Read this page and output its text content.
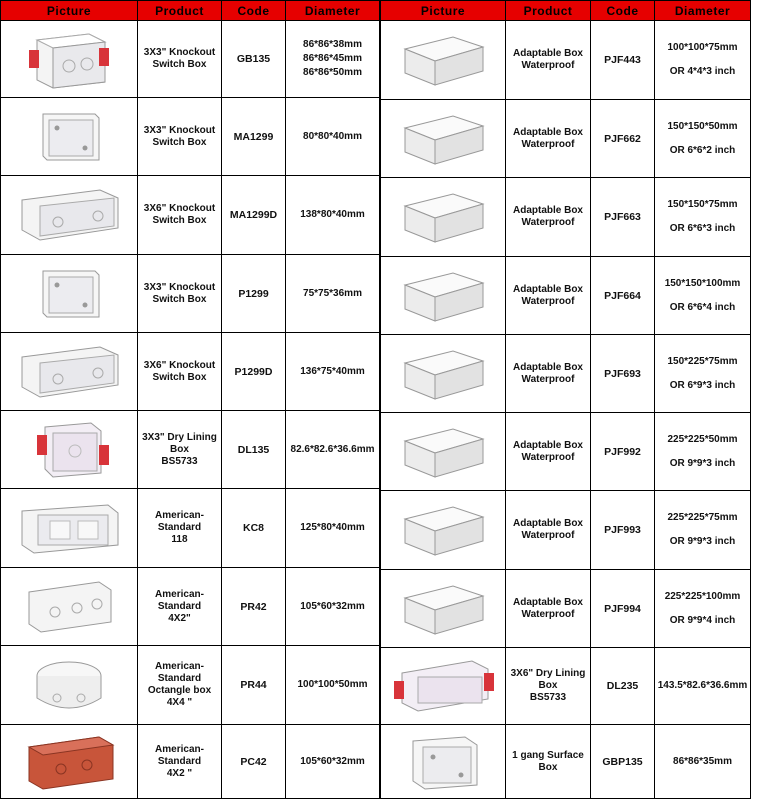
Picture	Product	Code	Diameter

3X3" Knockout
Switch Box	GB135	86*86*38mm
86*86*45mm
86*86*50mm

3X3" Knockout
Switch Box	MA1299	80*80*40mm

3X6" Knockout
Switch Box	MA1299D	138*80*40mm

3X3" Knockout
Switch Box	P1299	75*75*36mm

3X6" Knockout
Switch Box	P1299D	136*75*40mm

3X3" Dry Lining
Box
BS5733	DL135	82.6*82.6*36.6mm

American-
Standard
118	KC8	125*80*40mm

American-
Standard
4X2"	PR42	105*60*32mm

American-
Standard
Octangle box
4X4 "	PR44	100*100*50mm

American-
Standard
4X2 "	PC42	105*60*32mm
Picture	Product	Code	Diameter

Adaptable Box
Waterproof	PJF443	100*100*75mm
OR 4*4*3 inch

Adaptable Box
Waterproof	PJF662	150*150*50mm
OR 6*6*2 inch

Adaptable Box
Waterproof	PJF663	150*150*75mm
OR 6*6*3 inch

Adaptable Box
Waterproof	PJF664	150*150*100mm
OR 6*6*4 inch

Adaptable Box
Waterproof	PJF693	150*225*75mm
OR 6*9*3 inch

Adaptable Box
Waterproof	PJF992	225*225*50mm
OR 9*9*3 inch

Adaptable Box
Waterproof	PJF993	225*225*75mm
OR 9*9*3 inch

Adaptable Box
Waterproof	PJF994	225*225*100mm
OR 9*9*4 inch

3X6" Dry Lining
Box
BS5733	DL235	143.5*82.6*36.6mm

1 gang Surface
Box	GBP135	86*86*35mm
